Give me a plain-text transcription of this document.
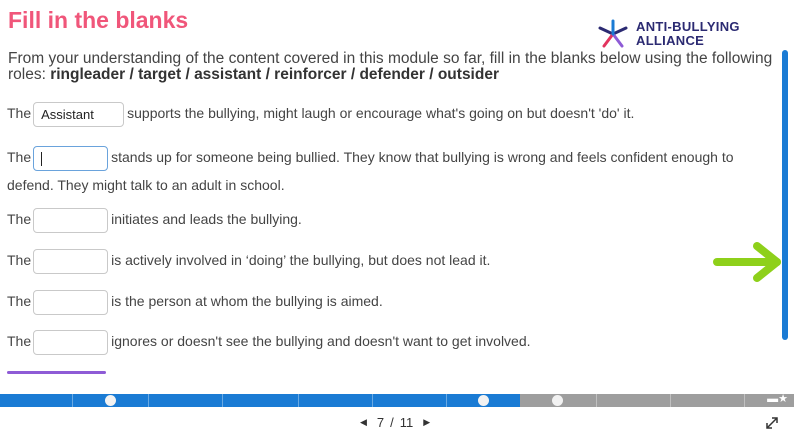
Fill in the blanks	ANTI-BULLYING
ALLIANCE
From your understanding of the content covered in this module so far, fill in the blanks below using the following roles: ringleader / target / assistant / reinforcer / defender / outsider
The Assistant supports the bullying, might laugh or encourage what's going on but doesn't 'do' it.
The	stands up for someone being bullied. They know that bullying is wrong and feels confident enough to defend. They might talk to an adult in school.
The	initiates and leads the bullying.
The	is actively involved in ‘doing’ the bullying, but does not lead it.
The	is the person at whom the bullying is aimed.
The	ignores or doesn't see the bullying and doesn't want to get involved.
▬★
◀ 7 / 11	▶
